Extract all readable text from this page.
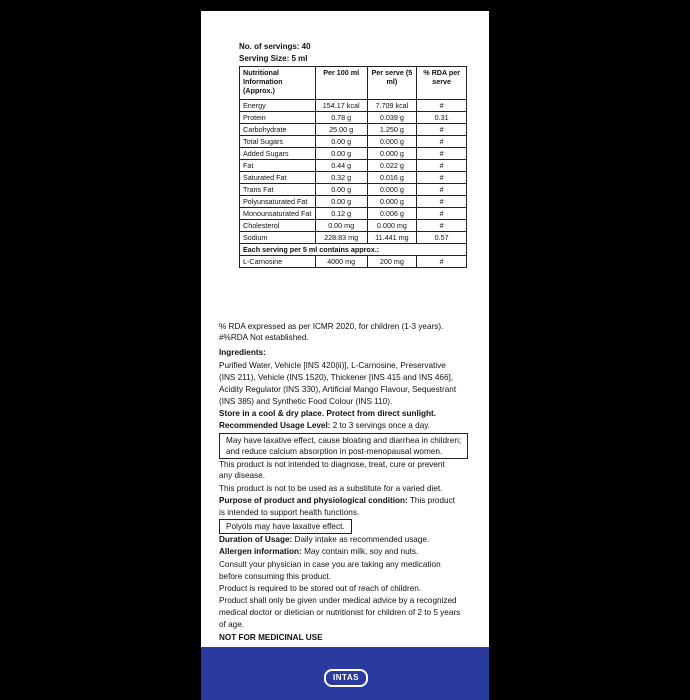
No. of servings: 40
Serving Size: 5 ml
Nutritional Information (Approx.)	Per 100 ml	Per serve (5 ml)	% RDA per serve
Energy	154.17 kcal	7.709 kcal	#
Protein	0.78 g	0.039 g	0.31
Carbohydrate	25.00 g	1.250 g	#
Total Sugars	0.00 g	0.000 g	#
Added Sugars	0.00 g	0.000 g	#
Fat	0.44 g	0.022 g	#
Saturated Fat	0.32 g	0.016 g	#
Trans Fat	0.00 g	0.000 g	#
Polyunsaturated Fat	0.00 g	0.000 g	#
Monounsaturated Fat	0.12 g	0.006 g	#
Cholesterol	0.00 mg	0.000 mg	#
Sodium	228.83 mg	11.441 mg	0.57
Each serving per 5 ml contains approx.:			
L-Carnosine	4000 mg	200 mg	#
% RDA expressed as per ICMR 2020, for children (1-3 years).
#%RDA Not established.
Ingredients:
Purified Water, Vehicle [INS 420(ii)], L-Carnosine, Preservative
(INS 211), Vehicle (INS 1520), Thickener [INS 415 and INS 466],
Acidity Regulator (INS 330), Artificial Mango Flavour, Sequestrant
(INS 385) and Synthetic Food Colour (INS 110).
Store in a cool & dry place. Protect from direct sunlight.
Recommended Usage Level: 2 to 3 servings once a day.
May have laxative effect, cause bloating and diarrhea in children;
and reduce calcium absorption in post-menopausal women.
This product is not intended to diagnose, treat, cure or prevent
any disease.
This product is not to be used as a substitute for a varied diet.
Purpose of product and physiological condition: This product
is intended to support health functions.
Polyols may have laxative effect.
Duration of Usage: Daily intake as recommended usage.
Allergen information: May contain milk, soy and nuts.
Consult your physician in case you are taking any medication
before consuming this product.
Product is required to be stored out of reach of children.
Product shall only be given under medical advice by a recognized
medical doctor or dietician or nutritionist for children of 2 to 5 years
of age.
NOT FOR MEDICINAL USE
INTAS
